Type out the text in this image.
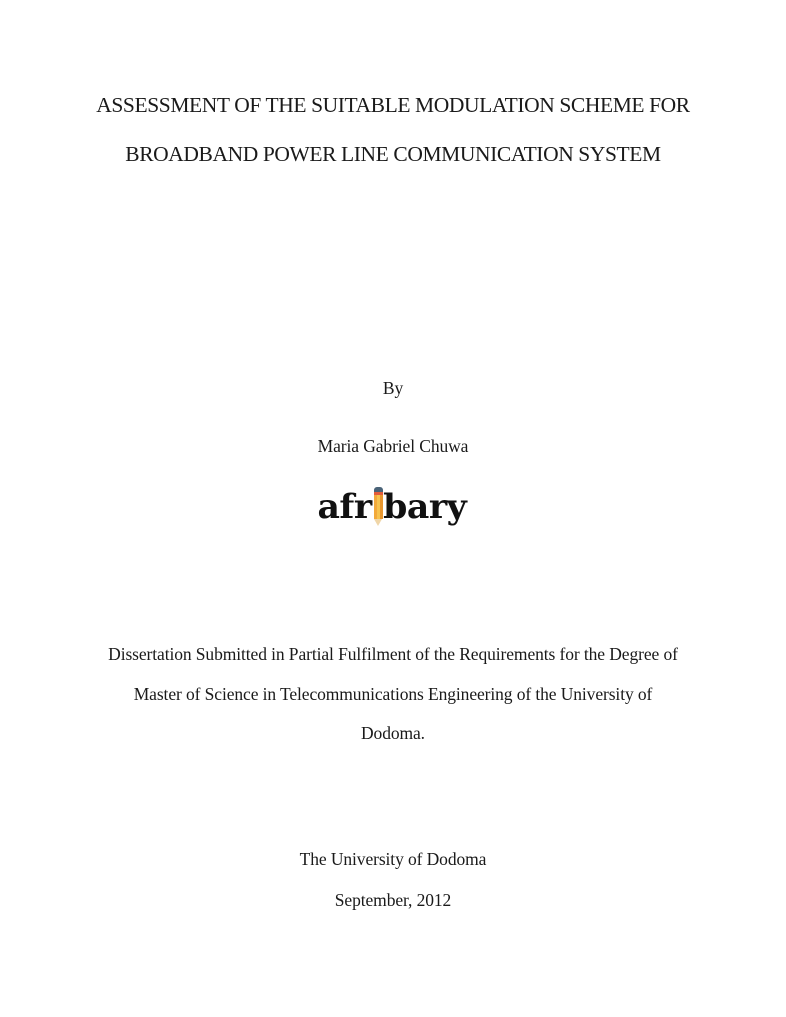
ASSESSMENT OF THE SUITABLE MODULATION SCHEME FOR
BROADBAND POWER LINE COMMUNICATION SYSTEM
By
Maria Gabriel Chuwa
afr bary
Dissertation Submitted in Partial Fulfilment of the Requirements for the Degree of
Master of Science in Telecommunications Engineering of the University of
Dodoma.
The University of Dodoma
September, 2012
